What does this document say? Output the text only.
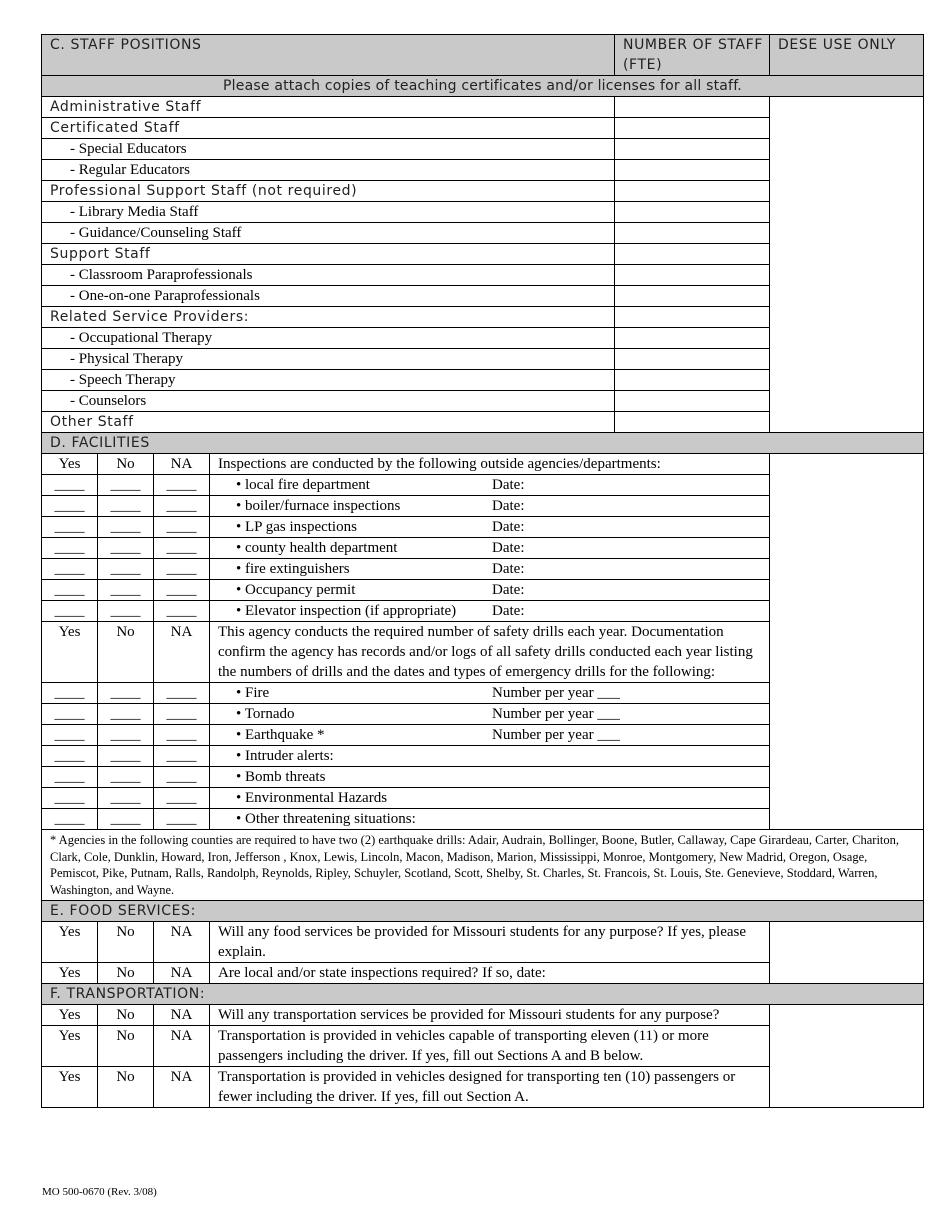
C. STAFF POSITIONS				NUMBER OF STAFF (FTE)	DESE USE ONLY
Please attach copies of teaching certificates and/or licenses for all staff.					
Administrative Staff					
Certificated Staff					
- Special Educators					
- Regular Educators					
Professional Support Staff (not required)					
- Library Media Staff					
- Guidance/Counseling Staff					
Support Staff					
- Classroom Paraprofessionals					
- One-on-one Paraprofessionals					
Related Service Providers:					
- Occupational Therapy					
- Physical Therapy					
- Speech Therapy					
- Counselors					
Other Staff					
D. FACILITIES					
Yes	No	NA	Inspections are conducted by the following outside agencies/departments:		
____	____	____	• local fire department Date:		

____	____	____	• boiler/furnace inspections Date:		

____	____	____	• LP gas inspections Date:		

____	____	____	• county health department Date:		

____	____	____	• fire extinguishers Date:		

____	____	____	• Occupancy permit Date:		

____	____	____	• Elevator inspection (if appropriate) Date:		

Yes	No	NA	This agency conducts the required number of safety drills each year. Documentation confirm the agency has records and/or logs of all safety drills conducted each year listing the numbers of drills and the dates and types of emergency drills for the following:		
____	____	____	• Fire Number per year ___		

____	____	____	• Tornado Number per year ___		

____	____	____	• Earthquake * Number per year ___		

____	____	____	• Intruder alerts:		
____	____	____	• Bomb threats		
____	____	____	• Environmental Hazards		
____	____	____	• Other threatening situations:		
* Agencies in the following counties are required to have two (2) earthquake drills: Adair, Audrain, Bollinger, Boone, Butler, Callaway, Cape Girardeau, Carter, Chariton, Clark, Cole, Dunklin, Howard, Iron, Jefferson , Knox, Lewis, Lincoln, Macon, Madison, Marion, Mississippi, Monroe, Montgomery, New Madrid, Oregon, Osage, Pemiscot, Pike, Putnam, Ralls, Randolph, Reynolds, Ripley, Schuyler, Scotland, Scott, Shelby, St. Charles, St. Francois, St. Louis, Ste. Genevieve, Stoddard, Warren, Washington, and Wayne.					
E. FOOD SERVICES:					
Yes	No	NA	Will any food services be provided for Missouri students for any purpose? If yes, please explain.		
Yes	No	NA	Are local and/or state inspections required? If so, date:		
F. TRANSPORTATION:					
Yes	No	NA	Will any transportation services be provided for Missouri students for any purpose?		
Yes	No	NA	Transportation is provided in vehicles capable of transporting eleven (11) or more passengers including the driver. If yes, fill out Sections A and B below.		
Yes	No	NA	Transportation is provided in vehicles designed for transporting ten (10) passengers or fewer including the driver. If yes, fill out Section A.		
MO 500-0670 (Rev. 3/08)
